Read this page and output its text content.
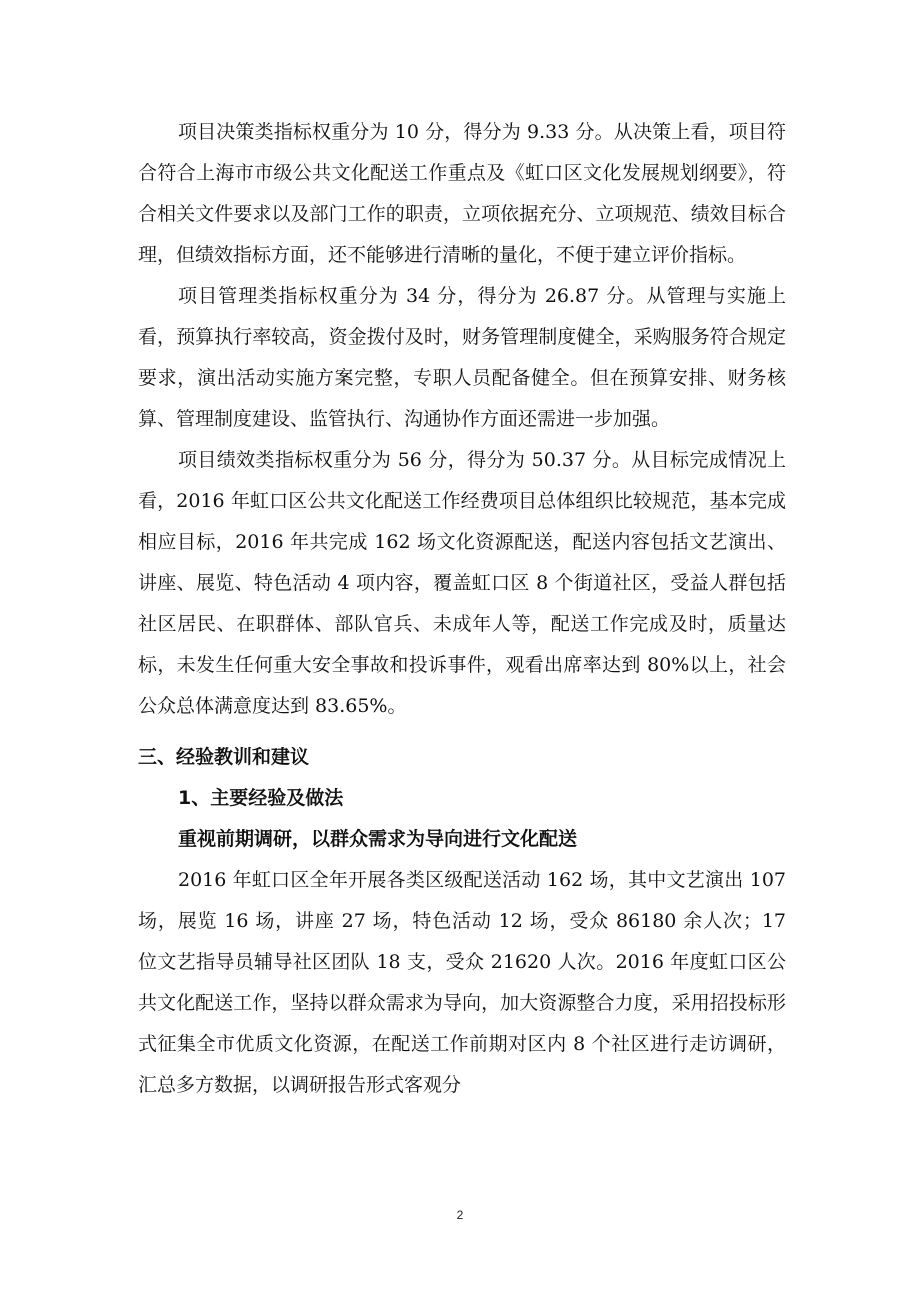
项目决策类指标权重分为 10 分，得分为 9.33 分。从决策上看，项目符合符合上海市市级公共文化配送工作重点及《虹口区文化发展规划纲要》，符合相关文件要求以及部门工作的职责，立项依据充分、立项规范、绩效目标合理，但绩效指标方面，还不能够进行清晰的量化，不便于建立评价指标。

项目管理类指标权重分为 34 分，得分为 26.87 分。从管理与实施上看，预算执行率较高，资金拨付及时，财务管理制度健全，采购服务符合规定要求，演出活动实施方案完整，专职人员配备健全。但在预算安排、财务核算、管理制度建设、监管执行、沟通协作方面还需进一步加强。

项目绩效类指标权重分为 56 分，得分为 50.37 分。从目标完成情况上看，2016 年虹口区公共文化配送工作经费项目总体组织比较规范，基本完成相应目标，2016 年共完成 162 场文化资源配送，配送内容包括文艺演出、讲座、展览、特色活动 4 项内容，覆盖虹口区 8 个街道社区，受益人群包括社区居民、在职群体、部队官兵、未成年人等，配送工作完成及时，质量达标，未发生任何重大安全事故和投诉事件，观看出席率达到 80%以上，社会公众总体满意度达到 83.65%。

三、经验教训和建议

1、主要经验及做法

重视前期调研，以群众需求为导向进行文化配送

2016 年虹口区全年开展各类区级配送活动 162 场，其中文艺演出 107 场，展览 16 场，讲座 27 场，特色活动 12 场，受众 86180 余人次；17 位文艺指导员辅导社区团队 18 支，受众 21620 人次。2016 年度虹口区公共文化配送工作，坚持以群众需求为导向，加大资源整合力度，采用招投标形式征集全市优质文化资源，在配送工作前期对区内 8 个社区进行走访调研，汇总多方数据，以调研报告形式客观分

2
